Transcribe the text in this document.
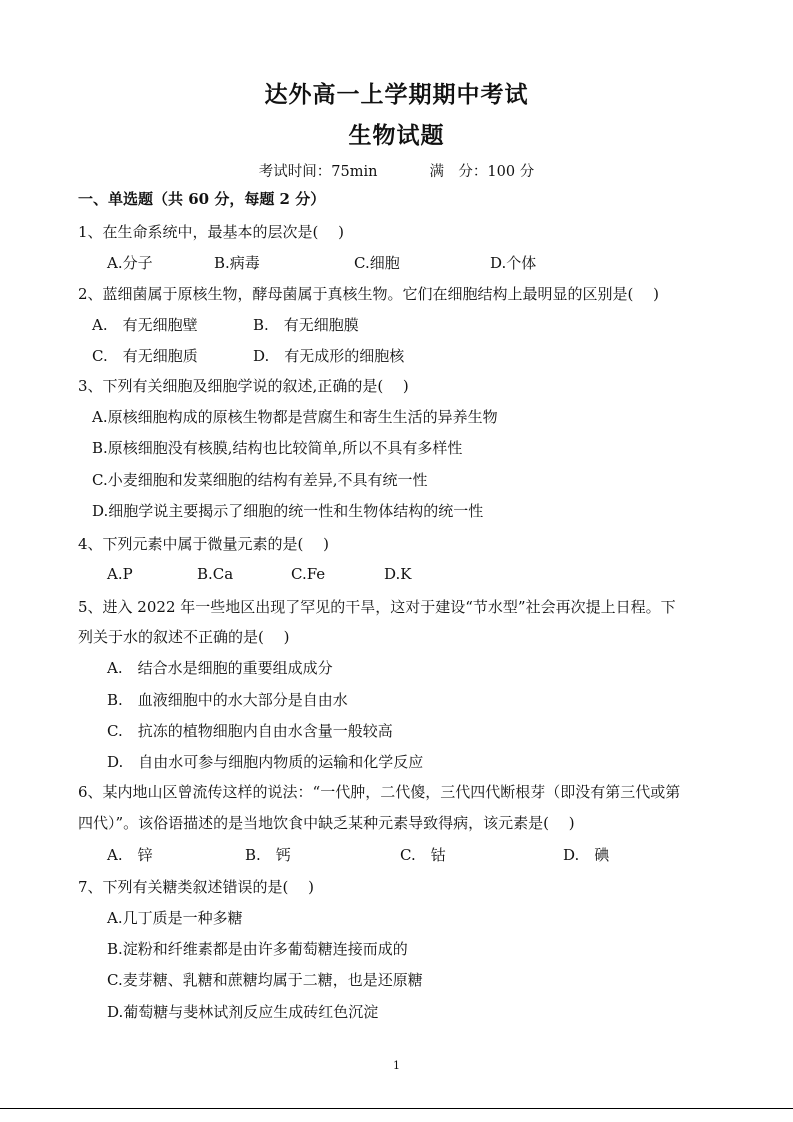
达外高一上学期期中考试
生物试题
考试时间：75min	满　分：100 分
一、单选题（共 60 分，每题 2 分）
1、在生命系统中，最基本的层次是(　 )
A.分子	B.病毒	C.细胞	D.个体
2、蓝细菌属于原核生物，酵母菌属于真核生物。它们在细胞结构上最明显的区别是(　 )
A.　有无细胞壁	B.　有无细胞膜
C.　有无细胞质	D.　有无成形的细胞核
3、下列有关细胞及细胞学说的叙述,正确的是(　 )
A.原核细胞构成的原核生物都是营腐生和寄生生活的异养生物
B.原核细胞没有核膜,结构也比较简单,所以不具有多样性
C.小麦细胞和发菜细胞的结构有差异,不具有统一性
D.细胞学说主要揭示了细胞的统一性和生物体结构的统一性
4、下列元素中属于微量元素的是(　 )
A.P	B.Ca	C.Fe	D.K
5、进入 2022 年一些地区出现了罕见的干旱，这对于建设“节水型”社会再次提上日程。下
列关于水的叙述不正确的是(　 )
A.　结合水是细胞的重要组成成分
B.　血液细胞中的水大部分是自由水
C.　抗冻的植物细胞内自由水含量一般较高
D.　自由水可参与细胞内物质的运输和化学反应
6、某内地山区曾流传这样的说法：“一代肿，二代傻，三代四代断根芽（即没有第三代或第
四代）”。该俗语描述的是当地饮食中缺乏某种元素导致得病，该元素是(　 )
A.　锌	B.　钙	C.　钴	D.　碘
7、下列有关糖类叙述错误的是(　 )
A.几丁质是一种多糖
B.淀粉和纤维素都是由许多葡萄糖连接而成的
C.麦芽糖、乳糖和蔗糖均属于二糖，也是还原糖
D.葡萄糖与斐林试剂反应生成砖红色沉淀
1
